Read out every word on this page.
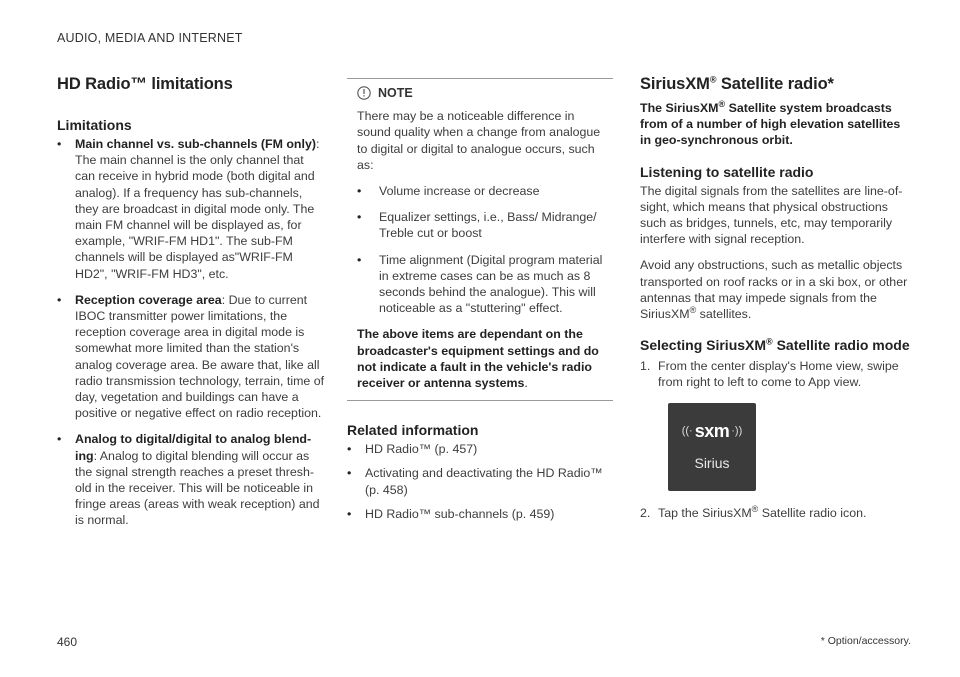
AUDIO, MEDIA AND INTERNET
HD Radio™ limitations
Limitations
• Main channel vs. sub-channels (FM only): The main channel is the only channel that can receive in hybrid mode (both digital and analog). If a frequency has sub-channels, they are broadcast in digital mode only. The main FM channel will be displayed as, for example, "WRIF-FM HD1". The sub-FM channels will be displayed as"WRIF-FM HD2", "WRIF-FM HD3", etc.
• Reception coverage area: Due to current IBOC transmitter power limitations, the reception coverage area in digital mode is somewhat more limited than the station's analog coverage area. Be aware that, like all radio transmission technology, terrain, time of day, vegetation and buildings can have a positive or negative effect on radio reception.
• Analog to digital/digital to analog blend-ing: Analog to digital blending will occur as the signal strength reaches a preset thresh-old in the receiver. This will be noticeable in fringe areas (areas with weak reception) and is normal.
NOTE

There may be a noticeable difference in sound quality when a change from analogue to digital or digital to analogue occurs, such as:

• Volume increase or decrease
• Equalizer settings, i.e., Bass/ Midrange/ Treble cut or boost
• Time alignment (Digital program material in extreme cases can be as much as 8 seconds behind the analogue). This will noticeable as a "stuttering" effect.

The above items are dependant on the broadcaster's equipment settings and do not indicate a fault in the vehicle's radio receiver or antenna systems.

Related information
• HD Radio™ (p. 457)
• Activating and deactivating the HD Radio™ (p. 458)
• HD Radio™ sub-channels (p. 459)
SiriusXM® Satellite radio*

The SiriusXM® Satellite system broadcasts from of a number of high elevation satellites in geo-synchronous orbit.

Listening to satellite radio

The digital signals from the satellites are line-of-sight, which means that physical obstructions such as bridges, tunnels, etc, may temporarily interfere with signal reception.

Avoid any obstructions, such as metallic objects transported on roof racks or in a ski box, or other antennas that may impede signals from the SiriusXM® satellites.

Selecting SiriusXM® Satellite radio mode
1. From the center display's Home view, swipe from right to left to come to App view.
((· sxm ·))
Sirius
2. Tap the SiriusXM® Satellite radio icon.
460	* Option/accessory.
